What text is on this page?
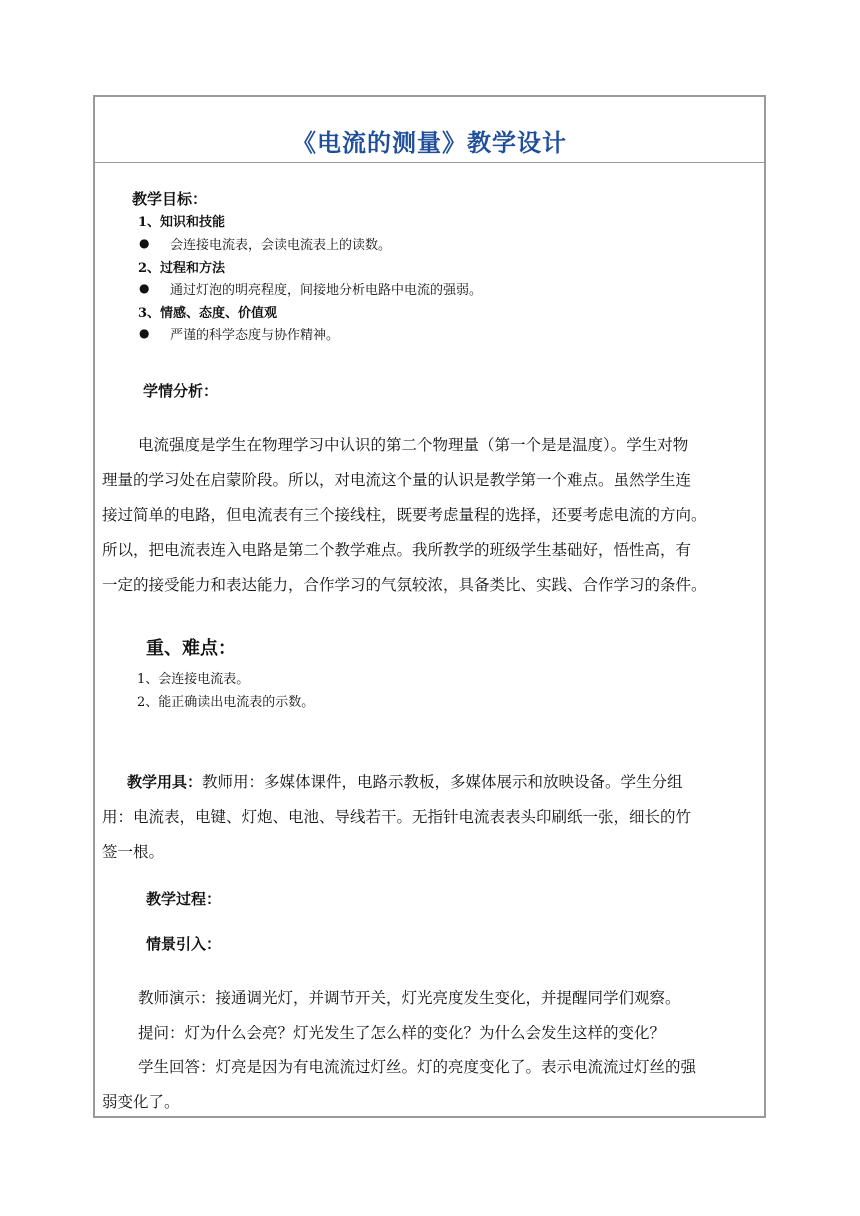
《电流的测量》教学设计
教学目标：
1、知识和技能
● 会连接电流表，会读电流表上的读数。
2、过程和方法
● 通过灯泡的明亮程度，间接地分析电路中电流的强弱。
3、情感、态度、价值观
● 严谨的科学态度与协作精神。
学情分析：
电流强度是学生在物理学习中认识的第二个物理量（第一个是是温度）。学生对物
理量的学习处在启蒙阶段。所以，对电流这个量的认识是教学第一个难点。虽然学生连
接过简单的电路，但电流表有三个接线柱，既要考虑量程的选择，还要考虑电流的方向。
所以，把电流表连入电路是第二个教学难点。我所教学的班级学生基础好，悟性高，有
一定的接受能力和表达能力，合作学习的气氛较浓，具备类比、实践、合作学习的条件。
重、难点：
1、会连接电流表。
2、能正确读出电流表的示数。
教学用具：教师用：多媒体课件，电路示教板，多媒体展示和放映设备。学生分组
用：电流表，电键、灯炮、电池、导线若干。无指针电流表表头印刷纸一张，细长的竹
签一根。
教学过程：
情景引入：
教师演示：接通调光灯，并调节开关，灯光亮度发生变化，并提醒同学们观察。
提问：灯为什么会亮？灯光发生了怎么样的变化？为什么会发生这样的变化？
学生回答：灯亮是因为有电流流过灯丝。灯的亮度变化了。表示电流流过灯丝的强
弱变化了。
